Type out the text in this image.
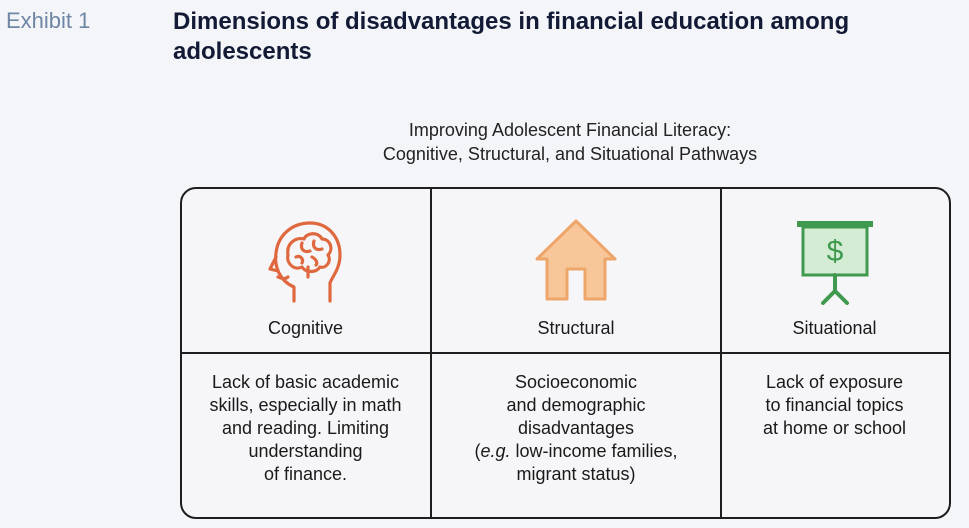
Exhibit 1	Dimensions of disadvantages in financial education among adolescents
Improving Adolescent Financial Literacy:
Cognitive, Structural, and Situational Pathways
Cognitive
Lack of basic academic
skills, especially in math
and reading. Limiting
understanding
of finance.
Structural
Socioeconomic
and demographic
disadvantages
(e.g. low-income families,
migrant status)
$
Situational
Lack of exposure
to financial topics
at home or school
